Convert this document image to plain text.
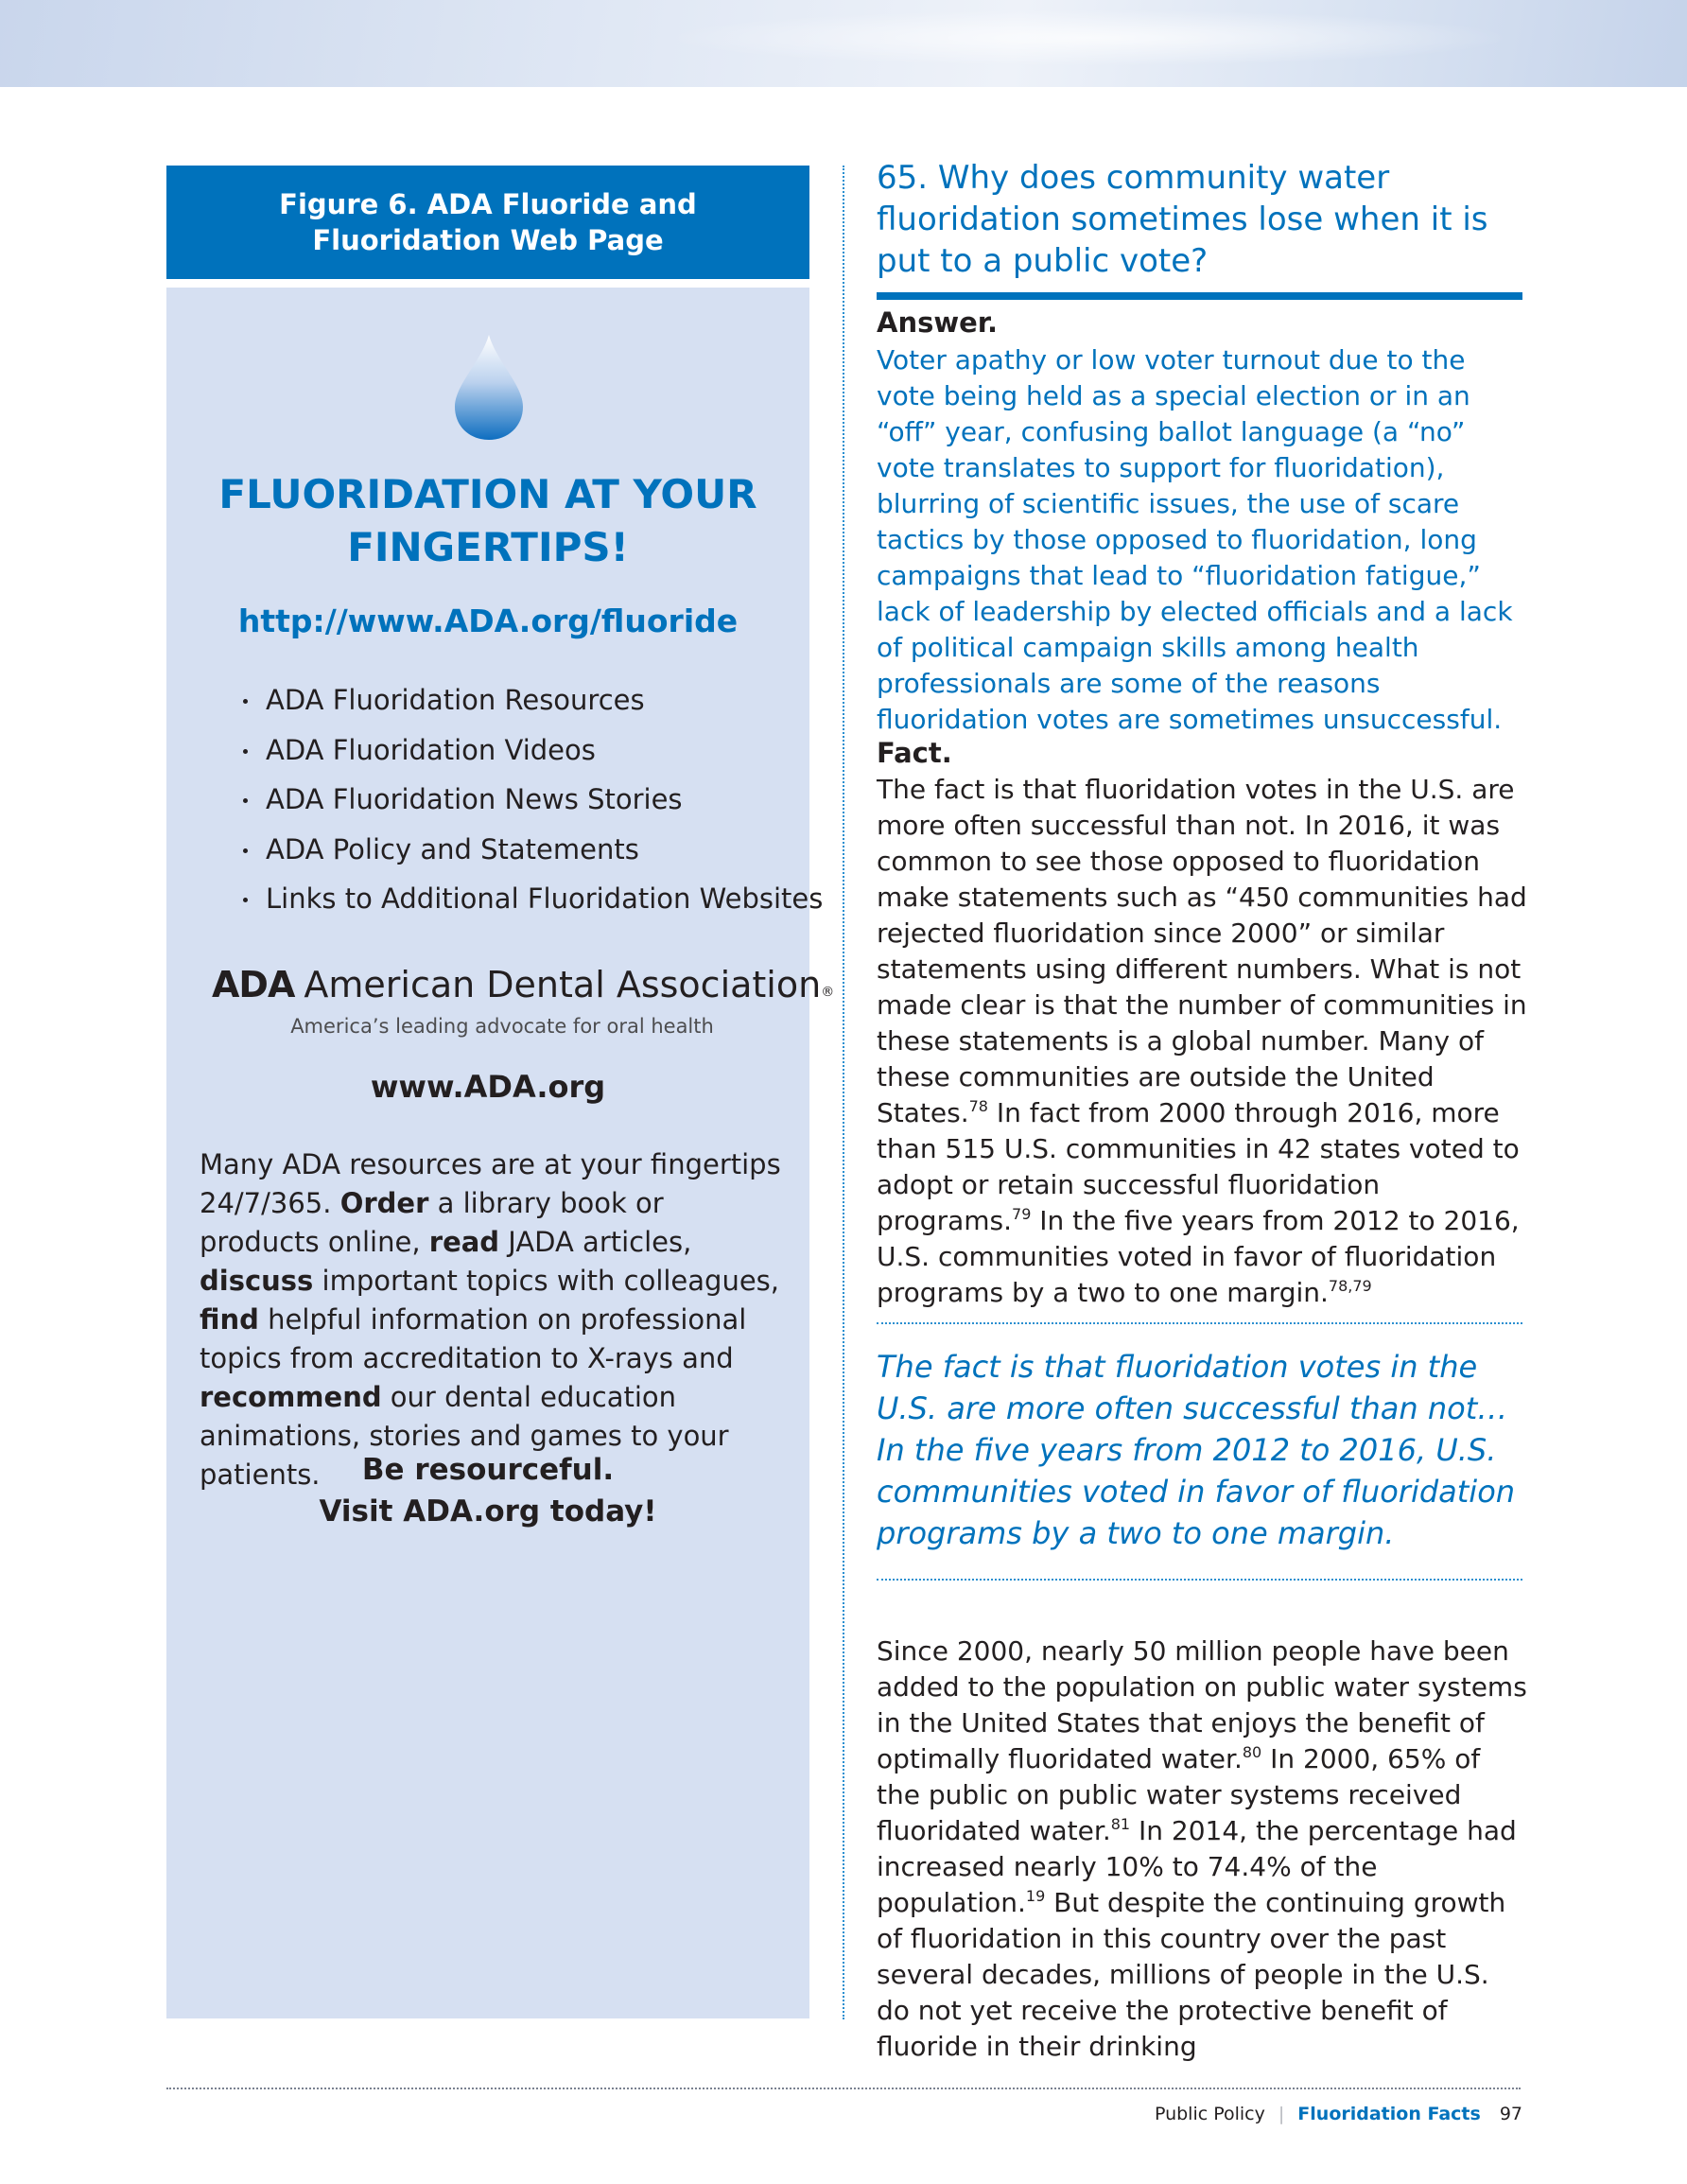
Figure 6. ADA Fluoride and
Fluoridation Web Page
FLUORIDATION AT YOUR
FINGERTIPS!
http://www.ADA.org/fluoride
ADA Fluoridation Resources
ADA Fluoridation Videos
ADA Fluoridation News Stories
ADA Policy and Statements
Links to Additional Fluoridation Websites
ADA American Dental Association®
America’s leading advocate for oral health
www.ADA.org

Many ADA resources are at your fingertips 24/7/365. Order a library book or products online, read JADA articles, discuss important topics with colleagues, find helpful information on professional topics from accreditation to X-rays and recommend our dental education animations, stories and games to your patients.	Be resourceful.
Visit ADA.org today!
65. Why does community water fluoridation sometimes lose when it is put to a public vote?
Answer.

Voter apathy or low voter turnout due to the vote being held as a special election or in an “off” year, confusing ballot language (a “no” vote translates to support for fluoridation), blurring of scientific issues, the use of scare tactics by those opposed to fluoridation, long campaigns that lead to “fluoridation fatigue,” lack of leadership by elected officials and a lack of political campaign skills among health professionals are some of the reasons fluoridation votes are sometimes unsuccessful.

Fact.

The fact is that fluoridation votes in the U.S. are more often successful than not. In 2016, it was common to see those opposed to fluoridation make statements such as “450 communities had rejected fluoridation since 2000” or similar statements using different numbers. What is not made clear is that the number of communities in these statements is a global number. Many of these communities are outside the United States.$^{78}$ In fact from 2000 through 2016, more than 515 U.S. communities in 42 states voted to adopt or retain successful fluoridation programs.$^{79}$ In the five years from 2012 to 2016, U.S. communities voted in favor of fluoridation programs by a two to one margin.$^{78,79}$

The fact is that fluoridation votes in the U.S. are more often successful than not…In the five years from 2012 to 2016, U.S. communities voted in favor of fluoridation programs by a two to one margin.

Since 2000, nearly 50 million people have been added to the population on public water systems in the United States that enjoys the benefit of optimally fluoridated water.$^{80}$ In 2000, 65% of the public on public water systems received fluoridated water.$^{81}$ In 2014, the percentage had increased nearly 10% to 74.4% of the population.$^{19}$ But despite the continuing growth of fluoridation in this country over the past several decades, millions of people in the U.S. do not yet receive the protective benefit of fluoride in their drinking

Public Policy | Fluoridation Facts 97
